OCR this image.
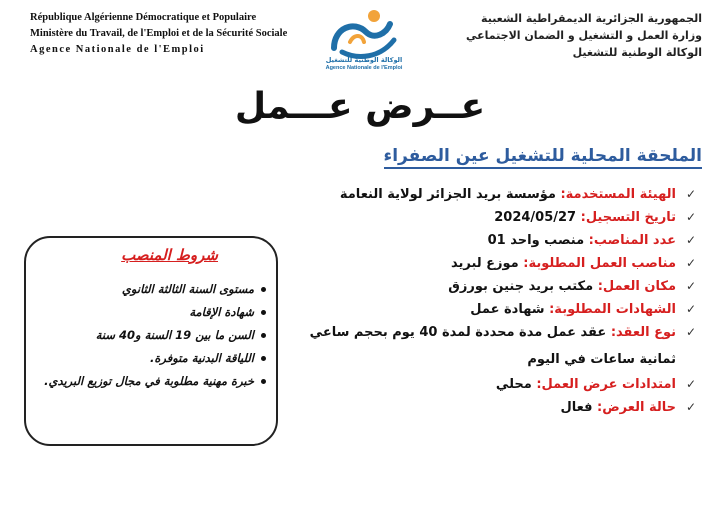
République Algérienne Démocratique et Populaire
Ministère du Travail, de l'Emploi et de la Sécurité Sociale
Agence Nationale de l'Emploi
الجمهورية الجزائرية الديمقراطية الشعبية
وزارة العمل و التشغيل و الضمان الاجتماعي
الوكالة الوطنية للتشغيل
الوكالة الوطنية للتشغيل
Agence Nationale de l'Emploi
عــرض عـــمل
الملحقة المحلية للتشغيل عين الصفراء
✓
الهيئة المستخدمة: مؤسسة بريد الجزائر لولاية النعامة
✓
تاريخ التسجيل: 2024/05/27
✓
عدد المناصب: منصب واحد 01
✓
مناصب العمل المطلوبة: موزع لبريد
✓
مكان العمل: مكتب بريد جنين بورزق
✓
الشهادات المطلوبة: شهادة عمل
✓
نوع العقد: عقد عمل مدة محددة لمدة 40 يوم بحجم ساعي
ثمانية ساعات في اليوم
✓
امتدادات عرض العمل: محلي
✓
حالة العرض: فعال
شروط المنصب
مستوى السنة الثالثة الثانوي
شهادة الإقامة
السن ما بين 19 السنة و40 سنة
اللياقة البدنية متوفرة.
خبرة مهنية مطلوبة في مجال توزيع البريدي.
